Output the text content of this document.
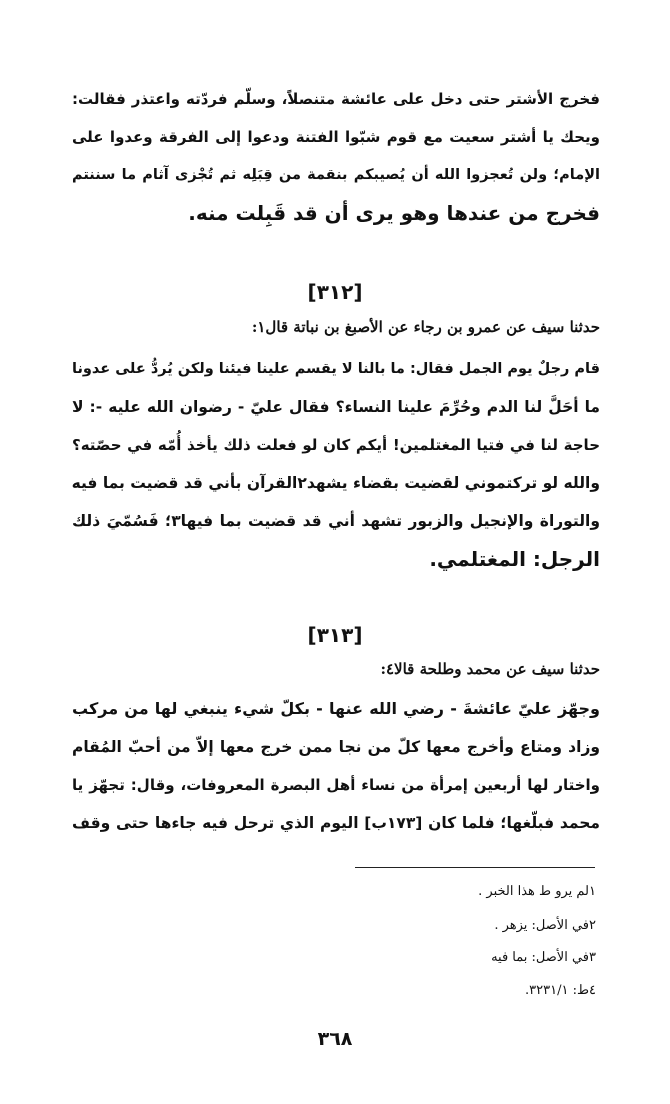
فخرج الأشتر حتى دخل على عائشة متنصلاً، وسلّم فردّته واعتذر فقالت:
ويحك يا أشتر سعيت مع قوم شبّوا الفتنة ودعوا إلى الفرقة وعدوا على
الإمام؛ ولن تُعجزوا الله أن يُصيبكم بنقمة من قِبَلِه ثم تُجْزى آثام ما سننتم
فخرج من عندها وهو يرى أن قد قَبِلت منه.
[٣١٢]
حدثنا سيف عن عمرو بن رجاء عن الأصبغ بن نباتة قال١:
قام رجلٌ يوم الجمل فقال: ما بالنا لا يقسم علينا فيئنا ولكن يُردُّ على عدونا
ما أحَلَّ لنا الدم وحُرِّمَ علينا النساء؟ فقال عليّ - رضوان الله عليه -: لا
حاجة لنا في فتيا المغتلمين! أيكم كان لو فعلت ذلك يأخذ أُمّه في حصّته؟
والله لو تركتموني لقضيت بقضاء يشهد٢القرآن بأني قد قضيت بما فيه
والتوراة والإنجيل والزبور تشهد أني قد قضيت بما فيها٣؛ فَسُمّيَ ذلك
الرجل: المغتلمي.
[٣١٣]
حدثنا سيف عن محمد وطلحة قالا٤:
وجهّز عليّ عائشةَ - رضي الله عنها - بكلّ شيء ينبغي لها من مركب
وزاد ومتاع وأخرج معها كلّ من نجا ممن خرج معها إلاّ من أحبّ المُقام
واختار لها أربعين إمرأة من نساء أهل البصرة المعروفات، وقال: تجهّز يا
محمد فبلّغها؛ فلما كان [١٧٣ب] اليوم الذي ترحل فيه جاءها حتى وقف
١لم يرو ط هذا الخبر .
٢في الأصل: يزهر .
٣في الأصل: بما فيه
٤ط: ٣٢٣١/١.
٣٦٨
